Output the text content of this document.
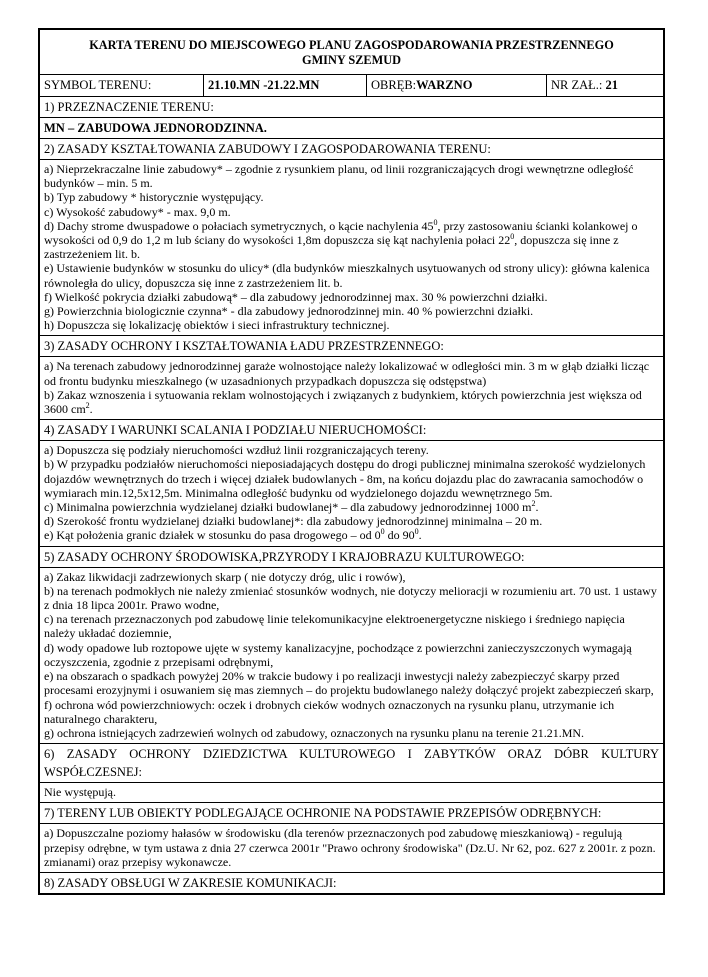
KARTA TERENU DO MIEJSCOWEGO PLANU ZAGOSPODAROWANIA PRZESTRZENNEGO
GMINY SZEMUD
SYMBOL TERENU:	21.10.MN -21.22.MN	OBRĘB:WARZNO	NR ZAŁ.: 21
1) PRZEZNACZENIE TERENU:
MN – ZABUDOWA JEDNORODZINNA.
2) ZASADY KSZTAŁTOWANIA ZABUDOWY I ZAGOSPODAROWANIA TERENU:
a) Nieprzekraczalne linie zabudowy* – zgodnie z rysunkiem planu, od linii rozgraniczających drogi wewnętrzne odległość budynków – min. 5 m.
b) Typ zabudowy * historycznie występujący.
c) Wysokość zabudowy* - max. 9,0 m.
d) Dachy strome dwuspadowe o połaciach symetrycznych, o kącie nachylenia $45^0$, przy zastosowaniu ścianki kolankowej o wysokości od 0,9 do 1,2 m lub ściany do wysokości 1,8m dopuszcza się kąt nachylenia połaci $22^0$, dopuszcza się inne z zastrzeżeniem lit. b.
e) Ustawienie budynków w stosunku do ulicy* (dla budynków mieszkalnych usytuowanych od strony ulicy): główna kalenica równoległa do ulicy, dopuszcza się inne z zastrzeżeniem lit. b.
f) Wielkość pokrycia działki zabudową* – dla zabudowy jednorodzinnej max. 30 % powierzchni działki.
g) Powierzchnia biologicznie czynna* - dla zabudowy jednorodzinnej min. 40 % powierzchni działki.
h) Dopuszcza się lokalizację obiektów i sieci infrastruktury technicznej.
3) ZASADY OCHRONY I KSZTAŁTOWANIA ŁADU PRZESTRZENNEGO:
a) Na terenach zabudowy jednorodzinnej garaże wolnostojące należy lokalizować w odległości min. 3 m w głąb działki licząc od frontu budynku mieszkalnego (w uzasadnionych przypadkach dopuszcza się odstępstwa)
b) Zakaz wznoszenia i sytuowania reklam wolnostojących i związanych z budynkiem, których powierzchnia jest większa od 3600 $cm^2$.
4) ZASADY I WARUNKI SCALANIA I PODZIAŁU NIERUCHOMOŚCI:
a) Dopuszcza się podziały nieruchomości wzdłuż linii rozgraniczających tereny.
b) W przypadku podziałów nieruchomości nieposiadających dostępu do drogi publicznej minimalna szerokość wydzielonych dojazdów wewnętrznych do trzech i więcej działek budowlanych - 8m, na końcu dojazdu plac do zawracania samochodów o wymiarach min.12,5x12,5m. Minimalna odległość budynku od wydzielonego dojazdu wewnętrznego 5m.
c) Minimalna powierzchnia wydzielanej działki budowlanej* – dla zabudowy jednorodzinnej 1000 $m^2$.
d) Szerokość frontu wydzielanej działki budowlanej*: dla zabudowy jednorodzinnej minimalna – 20 m.
e) Kąt położenia granic działek w stosunku do pasa drogowego – od $0^0$ do $90^0$.
5) ZASADY OCHRONY ŚRODOWISKA,PRZYRODY I KRAJOBRAZU KULTUROWEGO:
a) Zakaz likwidacji zadrzewionych skarp ( nie dotyczy dróg, ulic i rowów),
b) na terenach podmokłych nie należy zmieniać stosunków wodnych, nie dotyczy melioracji w rozumieniu art. 70 ust. 1 ustawy z dnia 18 lipca 2001r. Prawo wodne,
c) na terenach przeznaczonych pod zabudowę linie telekomunikacyjne elektroenergetyczne niskiego i średniego napięcia należy układać doziemnie,
d) wody opadowe lub roztopowe ujęte w systemy kanalizacyjne, pochodzące z powierzchni zanieczyszczonych wymagają oczyszczenia, zgodnie z przepisami odrębnymi,
e) na obszarach o spadkach powyżej 20% w trakcie budowy i po realizacji inwestycji należy zabezpieczyć skarpy przed procesami erozyjnymi i osuwaniem się mas ziemnych – do projektu budowlanego należy dołączyć projekt zabezpieczeń skarp,
f) ochrona wód powierzchniowych: oczek i drobnych cieków wodnych oznaczonych na rysunku planu, utrzymanie ich naturalnego charakteru,
g) ochrona istniejących zadrzewień wolnych od zabudowy, oznaczonych na rysunku planu na terenie 21.21.MN.
6) ZASADY OCHRONY DZIEDZICTWA KULTUROWEGO I ZABYTKÓW ORAZ DÓBR KULTURY WSPÓŁCZESNEJ:
Nie występują.
7) TERENY LUB OBIEKTY PODLEGAJĄCE OCHRONIE NA PODSTAWIE PRZEPISÓW ODRĘBNYCH:
a) Dopuszczalne poziomy hałasów w środowisku (dla terenów przeznaczonych pod zabudowę mieszkaniową) - regulują przepisy odrębne, w tym ustawa z dnia 27 czerwca 2001r "Prawo ochrony środowiska" (Dz.U. Nr 62, poz. 627 z 2001r. z pozn. zmianami) oraz przepisy wykonawcze.
8) ZASADY OBSŁUGI W ZAKRESIE KOMUNIKACJI:
